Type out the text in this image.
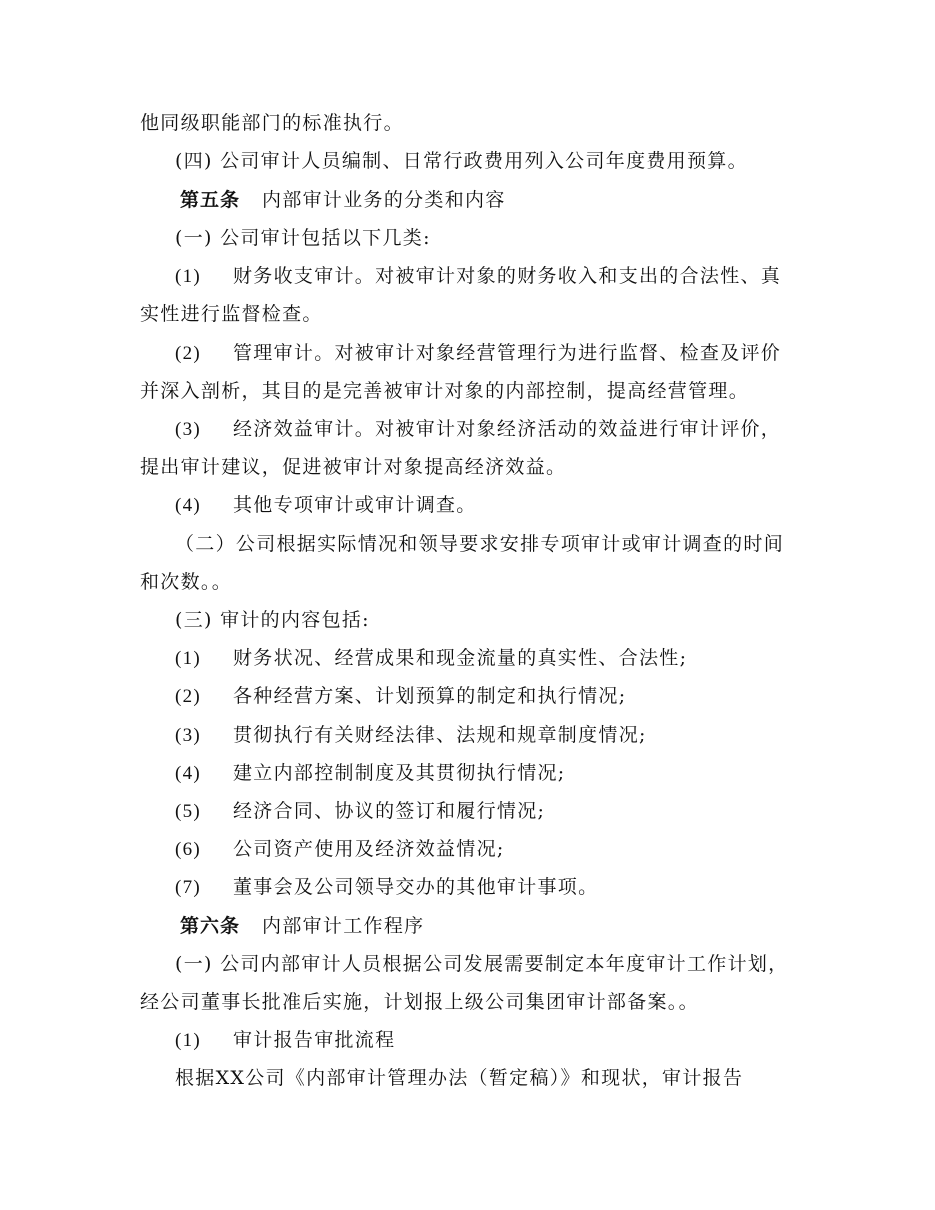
他同级职能部门的标准执行。
(四) 公司审计人员编制、日常行政费用列入公司年度费用预算。
第五条 内部审计业务的分类和内容
(一) 公司审计包括以下几类:
(1) 财务收支审计。对被审计对象的财务收入和支出的合法性、真
实性进行监督检查。
(2) 管理审计。对被审计对象经营管理行为进行监督、检查及评价
并深入剖析，其目的是完善被审计对象的内部控制，提高经营管理。
(3) 经济效益审计。对被审计对象经济活动的效益进行审计评价，
提出审计建议，促进被审计对象提高经济效益。
(4) 其他专项审计或审计调查。
（二）公司根据实际情况和领导要求安排专项审计或审计调查的时间
和次数。。
(三) 审计的内容包括:
(1) 财务状况、经营成果和现金流量的真实性、合法性;
(2) 各种经营方案、计划预算的制定和执行情况;
(3) 贯彻执行有关财经法律、法规和规章制度情况;
(4) 建立内部控制制度及其贯彻执行情况;
(5) 经济合同、协议的签订和履行情况;
(6) 公司资产使用及经济效益情况;
(7) 董事会及公司领导交办的其他审计事项。
第六条 内部审计工作程序
(一) 公司内部审计人员根据公司发展需要制定本年度审计工作计划，
经公司董事长批准后实施，计划报上级公司集团审计部备案。。
(1) 审计报告审批流程
根据XX公司《内部审计管理办法（暂定稿）》和现状，审计报告
